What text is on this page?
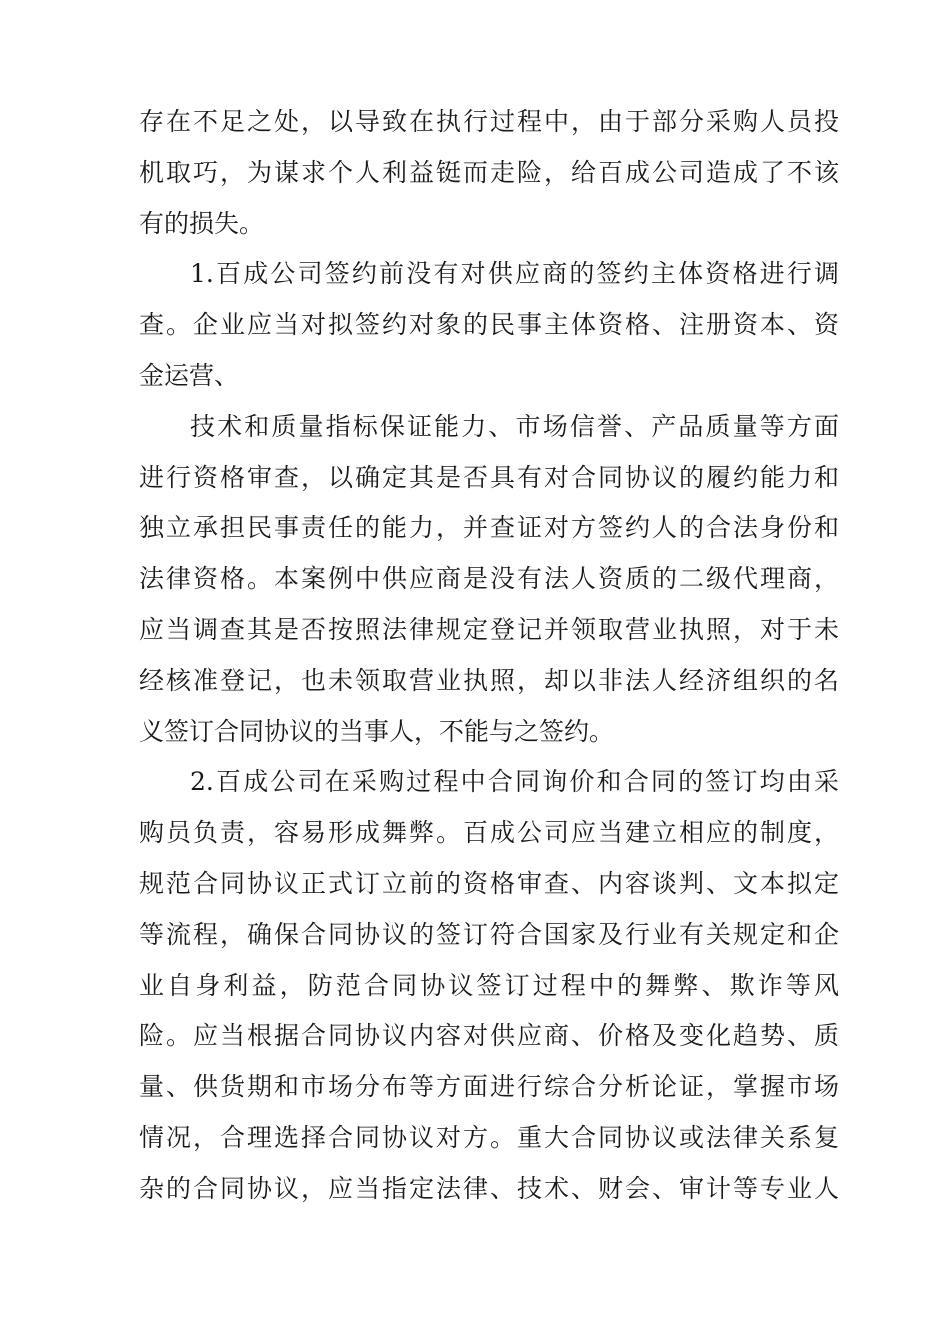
存在不足之处，以导致在执行过程中，由于部分采购人员投
机取巧，为谋求个人利益铤而走险，给百成公司造成了不该
有的损失。
1.百成公司签约前没有对供应商的签约主体资格进行调
查。企业应当对拟签约对象的民事主体资格、注册资本、资
金运营、
技术和质量指标保证能力、市场信誉、产品质量等方面
进行资格审查，以确定其是否具有对合同协议的履约能力和
独立承担民事责任的能力，并查证对方签约人的合法身份和
法律资格。本案例中供应商是没有法人资质的二级代理商，
应当调查其是否按照法律规定登记并领取营业执照，对于未
经核准登记，也未领取营业执照，却以非法人经济组织的名
义签订合同协议的当事人，不能与之签约。
2.百成公司在采购过程中合同询价和合同的签订均由采
购员负责，容易形成舞弊。百成公司应当建立相应的制度，
规范合同协议正式订立前的资格审查、内容谈判、文本拟定
等流程，确保合同协议的签订符合国家及行业有关规定和企
业自身利益，防范合同协议签订过程中的舞弊、欺诈等风
险。应当根据合同协议内容对供应商、价格及变化趋势、质
量、供货期和市场分布等方面进行综合分析论证，掌握市场
情况，合理选择合同协议对方。重大合同协议或法律关系复
杂的合同协议，应当指定法律、技术、财会、审计等专业人
